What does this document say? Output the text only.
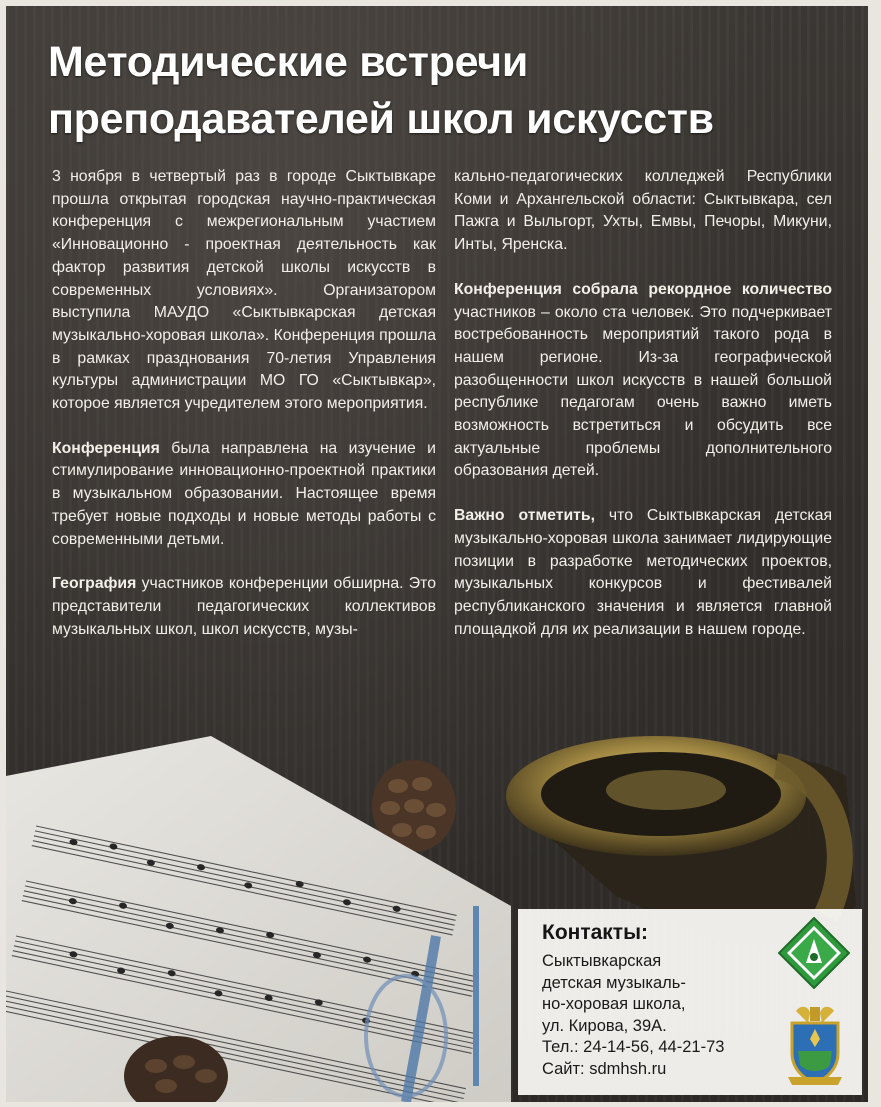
Методические встречи преподавателей школ искусств

3 ноября в четвертый раз в городе Сыктывкаре прошла открытая городская научно-практическая конференция с межрегиональным участием «Инновационно - проектная деятельность как фактор развития детской школы искусств в современных условиях». Организатором выступила МАУДО «Сыктывкарская детская музыкально-хоровая школа». Конференция прошла в рамках празднования 70-летия Управления культуры администрации МО ГО «Сыктывкар», которое является учредителем этого мероприятия.

Конференция была направлена на изучение и стимулирование инновационно-проектной практики в музыкальном образовании. Настоящее время требует новые подходы и новые методы работы с современными детьми.

География участников конференции обширна. Это представители педагогических коллективов музыкальных школ, школ искусств, музы-

кально-педагогических колледжей Республики Коми и Архангельской области: Сыктывкара, сел Пажга и Выльгорт, Ухты, Емвы, Печоры, Микуни, Инты, Яренска.

Конференция собрала рекордное количество участников – около ста человек. Это подчеркивает востребованность мероприятий такого рода в нашем регионе. Из-за географической разобщенности школ искусств в нашей большой республике педагогам очень важно иметь возможность встретиться и обсудить все актуальные проблемы дополнительного образования детей.

Важно отметить, что Сыктывкарская детская музыкально-хоровая школа занимает лидирующие позиции в разработке методических проектов, музыкальных конкурсов и фестивалей республиканского значения и является главной площадкой для их реализации в нашем городе.

Контакты:
Сыктывкарская
детская музыкаль-
но-хоровая школа,
ул. Кирова, 39А.
Тел.: 24-14-56, 44-21-73
Сайт: sdmhsh.ru
